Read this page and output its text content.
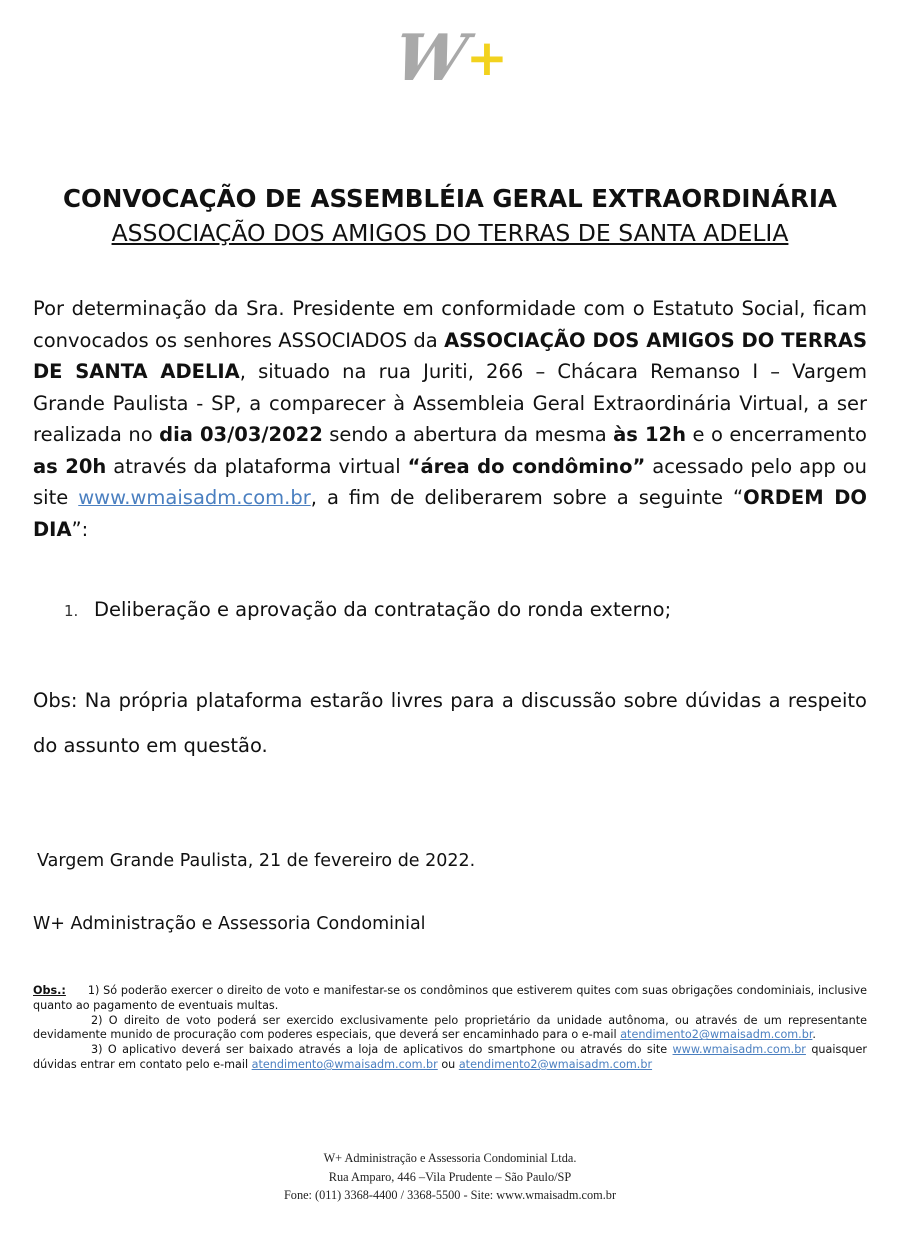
W +
CONVOCAÇÃO DE ASSEMBLÉIA GERAL EXTRAORDINÁRIA
ASSOCIAÇÃO DOS AMIGOS DO TERRAS DE SANTA ADELIA
Por determinação da Sra. Presidente em conformidade com o Estatuto Social, ficam convocados os senhores ASSOCIADOS da ASSOCIAÇÃO DOS AMIGOS DO TERRAS DE SANTA ADELIA, situado na rua Juriti, 266 – Chácara Remanso I – Vargem Grande Paulista - SP, a comparecer à Assembleia Geral Extraordinária Virtual, a ser realizada no dia 03/03/2022 sendo a abertura da mesma às 12h e o encerramento as 20h através da plataforma virtual “área do condômino” acessado pelo app ou site www.wmaisadm.com.br, a fim de deliberarem sobre a seguinte “ORDEM DO DIA”:
1. Deliberação e aprovação da contratação do ronda externo;
Obs: Na própria plataforma estarão livres para a discussão sobre dúvidas a respeito do assunto em questão.
Vargem Grande Paulista, 21 de fevereiro de 2022.
W+ Administração e Assessoria Condominial

Obs.: 1) Só poderão exercer o direito de voto e manifestar-se os condôminos que estiverem quites com suas obrigações condominiais, inclusive quanto ao pagamento de eventuais multas.

2) O direito de voto poderá ser exercido exclusivamente pelo proprietário da unidade autônoma, ou através de um representante devidamente munido de procuração com poderes especiais, que deverá ser encaminhado para o e-mail atendimento2@wmaisadm.com.br.

3) O aplicativo deverá ser baixado através a loja de aplicativos do smartphone ou através do site www.wmaisadm.com.br quaisquer dúvidas entrar em contato pelo e-mail atendimento@wmaisadm.com.br ou atendimento2@wmaisadm.com.br

W+ Administração e Assessoria Condominial Ltda.
Rua Amparo, 446 –Vila Prudente – São Paulo/SP
Fone: (011) 3368-4400 / 3368-5500 - Site: www.wmaisadm.com.br
